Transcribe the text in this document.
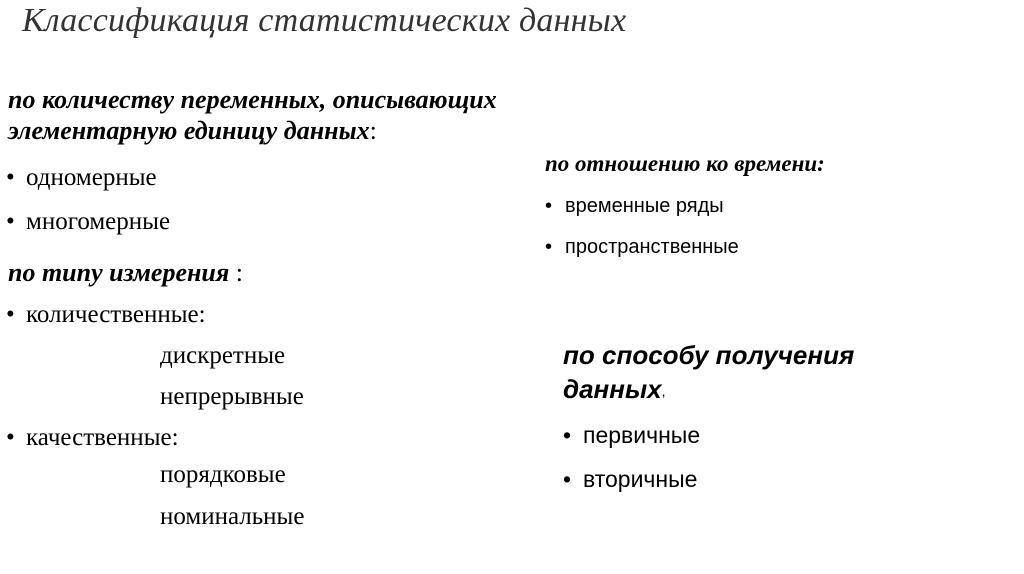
Классификация статистических данных
по количеству переменных, описывающих
элементарную единицу данных:
• одномерные
• многомерные
по типу измерения :
• количественные:
дискретные
непрерывные
• качественные:
порядковые
номинальные
по отношению ко времени:
• временные ряды
• пространственные
по способу получения
данных,
• первичные
• вторичные
